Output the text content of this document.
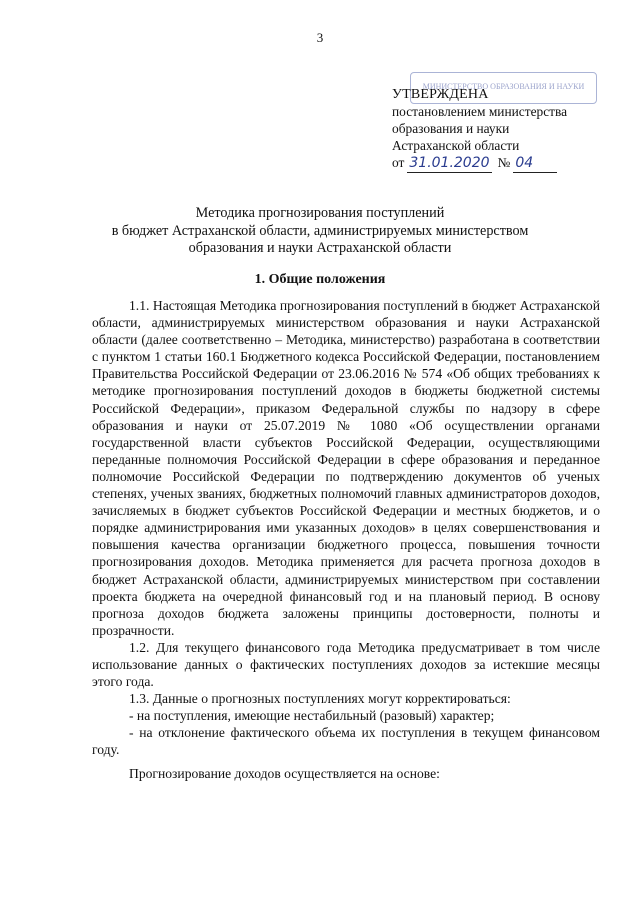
3
МИНИСТЕРСТВО ОБРАЗОВАНИЯ И НАУКИ
УТВЕРЖДЕНА
постановлением министерства
образования и науки
Астраханской области
от 31.01.2020 № 04
Методика прогнозирования поступлений
в бюджет Астраханской области, администрируемых министерством
образования и науки Астраханской области
1. Общие положения

1.1. Настоящая Методика прогнозирования поступлений в бюджет Астраханской области, администрируемых министерством образования и науки Астраханской области (далее соответственно – Методика, министерство) разработана в соответствии с пунктом 1 статьи 160.1 Бюджетного кодекса Российской Федерации, постановлением Правительства Российской Федерации от 23.06.2016 № 574 «Об общих требованиях к методике прогнозирования поступлений доходов в бюджеты бюджетной системы Российской Федерации», приказом Федеральной службы по надзору в сфере образования и науки от 25.07.2019 № 1080 «Об осуществлении органами государственной власти субъектов Российской Федерации, осуществляющими переданные полномочия Российской Федерации в сфере образования и переданное полномочие Российской Федерации по подтверждению документов об ученых степенях, ученых званиях, бюджетных полномочий главных администраторов доходов, зачисляемых в бюджет субъектов Российской Федерации и местных бюджетов, и о порядке администрирования ими указанных доходов» в целях совершенствования и повышения качества организации бюджетного процесса, повышения точности прогнозирования доходов. Методика применяется для расчета прогноза доходов в бюджет Астраханской области, администрируемых министерством при составлении проекта бюджета на очередной финансовый год и на плановый период. В основу прогноза доходов бюджета заложены принципы достоверности, полноты и прозрачности.

1.2. Для текущего финансового года Методика предусматривает в том числе использование данных о фактических поступлениях доходов за истекшие месяцы этого года.

1.3. Данные о прогнозных поступлениях могут корректироваться:

- на поступления, имеющие нестабильный (разовый) характер;

- на отклонение фактического объема их поступления в текущем финансовом году.

Прогнозирование доходов осуществляется на основе:
